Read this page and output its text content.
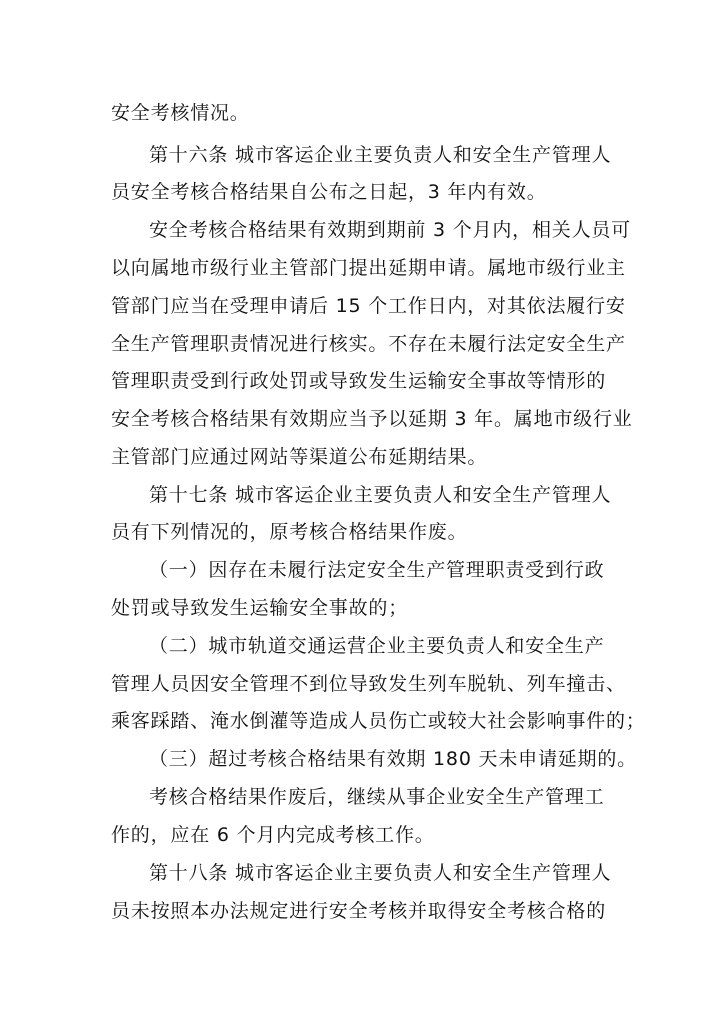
安全考核情况。
第十六条 城市客运企业主要负责人和安全生产管理人
员安全考核合格结果自公布之日起，3 年内有效。
安全考核合格结果有效期到期前 3 个月内，相关人员可
以向属地市级行业主管部门提出延期申请。属地市级行业主
管部门应当在受理申请后 15 个工作日内，对其依法履行安
全生产管理职责情况进行核实。不存在未履行法定安全生产
管理职责受到行政处罚或导致发生运输安全事故等情形的
安全考核合格结果有效期应当予以延期 3 年。属地市级行业
主管部门应通过网站等渠道公布延期结果。
第十七条 城市客运企业主要负责人和安全生产管理人
员有下列情况的，原考核合格结果作废。
（一）因存在未履行法定安全生产管理职责受到行政
处罚或导致发生运输安全事故的；
（二）城市轨道交通运营企业主要负责人和安全生产
管理人员因安全管理不到位导致发生列车脱轨、列车撞击、
乘客踩踏、淹水倒灌等造成人员伤亡或较大社会影响事件的；
（三）超过考核合格结果有效期 180 天未申请延期的。
考核合格结果作废后，继续从事企业安全生产管理工
作的，应在 6 个月内完成考核工作。
第十八条 城市客运企业主要负责人和安全生产管理人
员未按照本办法规定进行安全考核并取得安全考核合格的
